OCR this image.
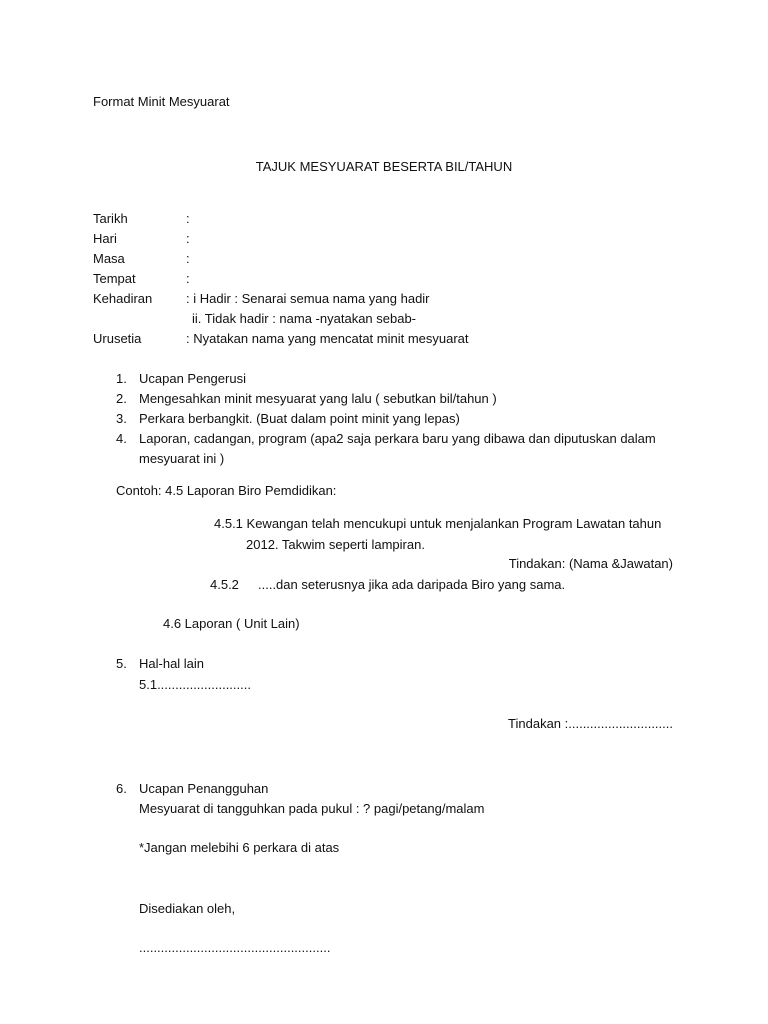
Format Minit Mesyuarat
TAJUK MESYUARAT BESERTA BIL/TAHUN
Tarikh	:
Hari	:
Masa	:
Tempat	:
Kehadiran	: i Hadir : Senarai semua nama yang hadir
ii. Tidak hadir : nama -nyatakan sebab-
Urusetia	: Nyatakan nama yang mencatat minit mesyuarat
1. Ucapan Pengerusi
2. Mengesahkan minit mesyuarat yang lalu ( sebutkan bil/tahun )
3. Perkara berbangkit. (Buat dalam point minit yang lepas)
4. Laporan, cadangan, program (apa2 saja perkara baru yang dibawa dan diputuskan dalam
mesyuarat ini )
Contoh: 4.5 Laporan Biro Pemdidikan:
4.5.1 Kewangan telah mencukupi untuk menjalankan Program Lawatan tahun
2012. Takwim seperti lampiran.
Tindakan: (Nama &Jawatan)
4.5.2 .....dan seterusnya jika ada daripada Biro yang sama.
4.6 Laporan ( Unit Lain)
5. Hal-hal lain
5.1..........................
Tindakan :.............................
6. Ucapan Penangguhan
Mesyuarat di tangguhkan pada pukul : ? pagi/petang/malam
*Jangan melebihi 6 perkara di atas
Disediakan oleh,
.....................................................
